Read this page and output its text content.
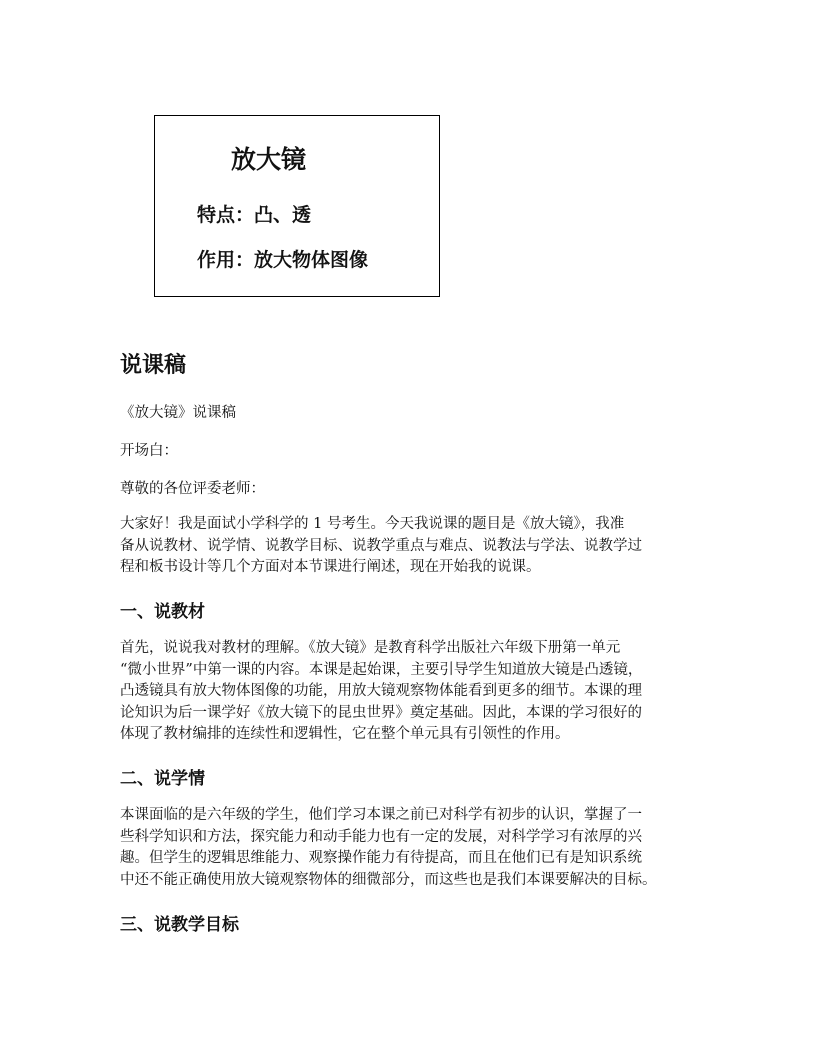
放大镜
特点：凸、透
作用：放大物体图像
说课稿

《放大镜》说课稿

开场白：

尊敬的各位评委老师：

大家好！我是面试小学科学的 1 号考生。今天我说课的题目是《放大镜》，我准
备从说教材、说学情、说教学目标、说教学重点与难点、说教法与学法、说教学过
程和板书设计等几个方面对本节课进行阐述，现在开始我的说课。
一、说教材
首先，说说我对教材的理解。《放大镜》是教育科学出版社六年级下册第一单元
“微小世界”中第一课的内容。本课是起始课，主要引导学生知道放大镜是凸透镜，
凸透镜具有放大物体图像的功能，用放大镜观察物体能看到更多的细节。本课的理
论知识为后一课学好《放大镜下的昆虫世界》奠定基础。因此，本课的学习很好的
体现了教材编排的连续性和逻辑性，它在整个单元具有引领性的作用。
二、说学情
本课面临的是六年级的学生，他们学习本课之前已对科学有初步的认识，掌握了一
些科学知识和方法，探究能力和动手能力也有一定的发展，对科学学习有浓厚的兴
趣。但学生的逻辑思维能力、观察操作能力有待提高，而且在他们已有是知识系统
中还不能正确使用放大镜观察物体的细微部分，而这些也是我们本课要解决的目标。
三、说教学目标
